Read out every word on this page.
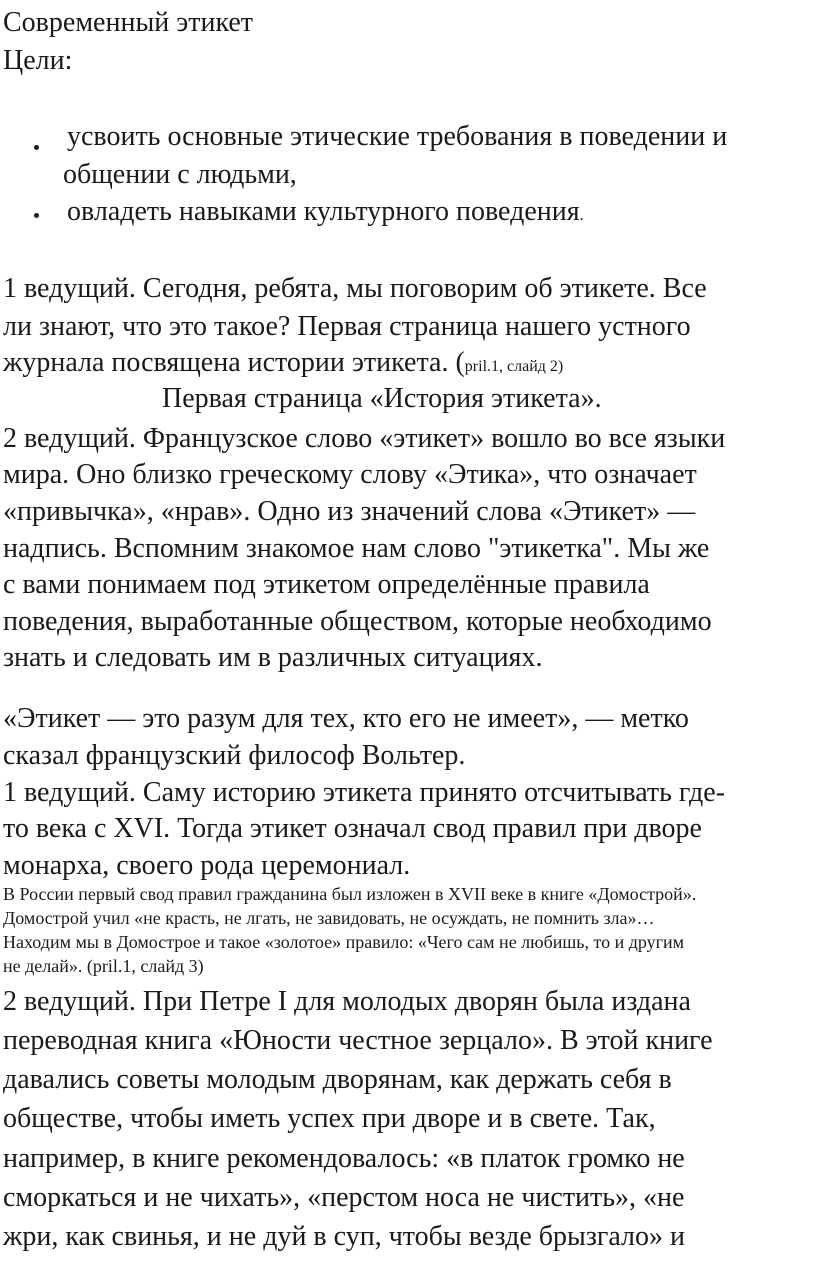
Современный этикет
Цели:
усвоить основные этические требования в поведении и
общении с людьми,
овладеть навыками культурного поведения.
1 ведущий. Сегодня, ребята, мы поговорим об этикете. Все
ли знают, что это такое? Первая страница нашего устного
журнала посвящена истории этикета. (pril.1, слайд 2)
Первая страница «История этикета».
2 ведущий. Французское слово «этикет» вошло во все языки
мира. Оно близко греческому слову «Этика», что означает
«привычка», «нрав». Одно из значений слова «Этикет» —
надпись. Вспомним знакомое нам слово "этикетка". Мы же
с вами понимаем под этикетом определённые правила
поведения, выработанные обществом, которые необходимо
знать и следовать им в различных ситуациях.
«Этикет — это разум для тех, кто его не имеет», — метко
сказал французский философ Вольтер.
1 ведущий. Саму историю этикета принято отсчитывать где-
то века с XVI. Тогда этикет означал свод правил при дворе
монарха, своего рода церемониал.
В России первый свод правил гражданина был изложен в XVII веке в книге «Домострой».
Домострой учил «не красть, не лгать, не завидовать, не осуждать, не помнить зла»…
Находим мы в Домострое и такое «золотое» правило: «Чего сам не любишь, то и другим
не делай». (pril.1, слайд 3)
2 ведущий. При Петре I для молодых дворян была издана
переводная книга «Юности честное зерцало». В этой книге
давались советы молодым дворянам, как держать себя в
обществе, чтобы иметь успех при дворе и в свете. Так,
например, в книге рекомендовалось: «в платок громко не
сморкаться и не чихать», «перстом носа не чистить», «не
жри, как свинья, и не дуй в суп, чтобы везде брызгало» и
